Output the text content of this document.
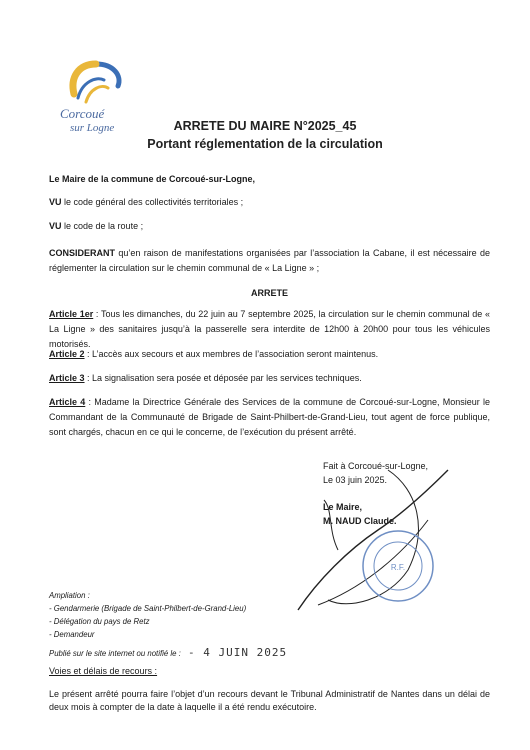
Corcoué
sur Logne	ARRETE DU MAIRE N°2025_45
Portant réglementation de la circulation
Le Maire de la commune de Corcoué-sur-Logne,
VU le code général des collectivités territoriales ;
VU le code de la route ;
CONSIDERANT qu’en raison de manifestations organisées par l’association la Cabane, il est nécessaire de réglementer la circulation sur le chemin communal de « La Ligne » ;
ARRETE
Article 1er : Tous les dimanches, du 22 juin au 7 septembre 2025, la circulation sur le chemin communal de « La Ligne » des sanitaires jusqu’à la passerelle sera interdite de 12h00 à 20h00 pour tous les véhicules motorisés.
Article 2 : L’accès aux secours et aux membres de l’association seront maintenus.
Article 3 : La signalisation sera posée et déposée par les services techniques.
Article 4 : Madame la Directrice Générale des Services de la commune de Corcoué-sur-Logne, Monsieur le Commandant de la Communauté de Brigade de Saint-Philbert-de-Grand-Lieu, tout agent de force publique, sont chargés, chacun en ce qui le concerne, de l’exécution du présent arrêté.
Fait à Corcoué-sur-Logne,
Le 03 juin 2025.
Le Maire,
M. NAUD Claude.
R.F.
Ampliation :
- Gendarmerie (Brigade de Saint-Philbert-de-Grand-Lieu)
- Délégation du pays de Retz
- Demandeur
Publié sur le site internet ou notifié le : - 4 JUIN 2025
Voies et délais de recours :
Le présent arrêté pourra faire l’objet d’un recours devant le Tribunal Administratif de Nantes dans un délai de deux mois à compter de la date à laquelle il a été rendu exécutoire.
